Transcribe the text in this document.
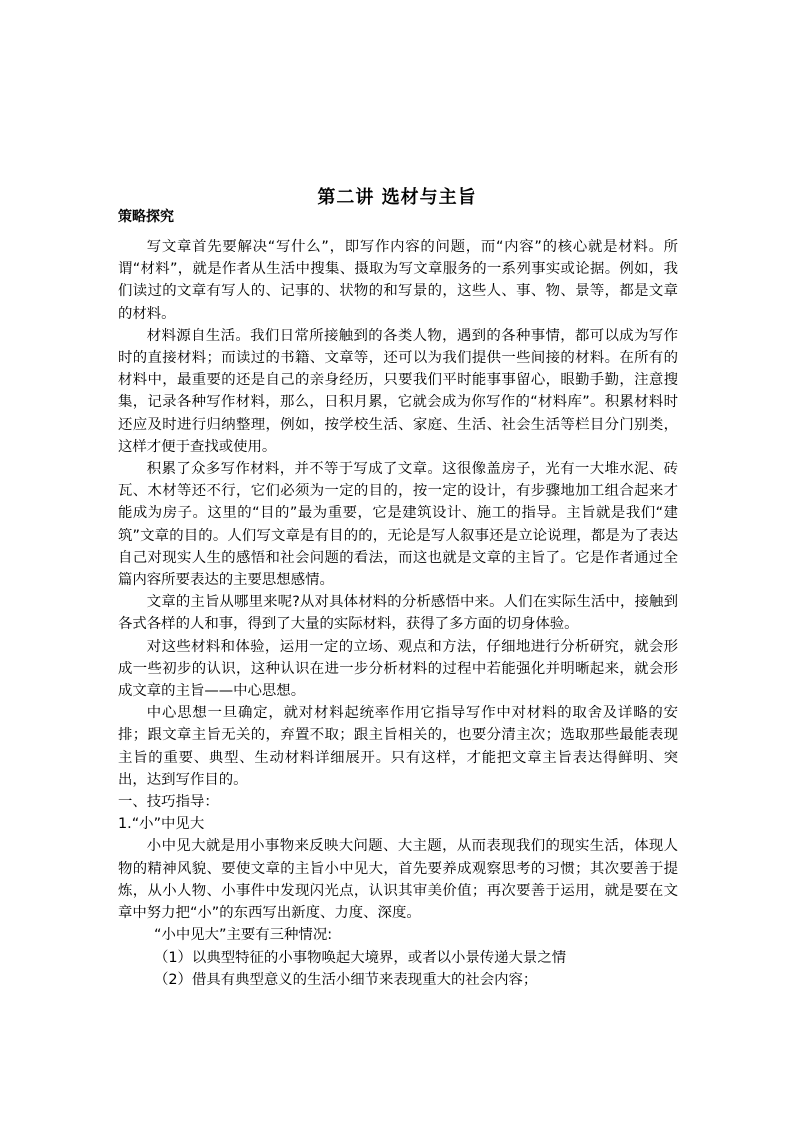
第二讲 选材与主旨
策略探究

写文章首先要解决“写什么”，即写作内容的问题，而“内容”的核心就是材料。所谓“材料”，就是作者从生活中搜集、摄取为写文章服务的一系列事实或论据。例如，我们读过的文章有写人的、记事的、状物的和写景的，这些人、事、物、景等，都是文章的材料。

材料源自生活。我们日常所接触到的各类人物，遇到的各种事情，都可以成为写作时的直接材料；而读过的书籍、文章等，还可以为我们提供一些间接的材料。在所有的材料中，最重要的还是自己的亲身经历，只要我们平时能事事留心，眼勤手勤，注意搜集，记录各种写作材料，那么，日积月累，它就会成为你写作的“材料库”。积累材料时还应及时进行归纳整理，例如，按学校生活、家庭、生活、社会生活等栏目分门别类，这样才便于查找或使用。

积累了众多写作材料，并不等于写成了文章。这很像盖房子，光有一大堆水泥、砖瓦、木材等还不行，它们必须为一定的目的，按一定的设计，有步骤地加工组合起来才能成为房子。这里的“目的”最为重要，它是建筑设计、施工的指导。主旨就是我们“建筑”文章的目的。人们写文章是有目的的，无论是写人叙事还是立论说理，都是为了表达自己对现实人生的感悟和社会问题的看法，而这也就是文章的主旨了。它是作者通过全篇内容所要表达的主要思想感情。

文章的主旨从哪里来呢?从对具体材料的分析感悟中来。人们在实际生活中，接触到各式各样的人和事，得到了大量的实际材料，获得了多方面的切身体验。

对这些材料和体验，运用一定的立场、观点和方法，仔细地进行分析研究，就会形成一些初步的认识，这种认识在进一步分析材料的过程中若能强化并明晰起来，就会形成文章的主旨——中心思想。

中心思想一旦确定，就对材料起统率作用它指导写作中对材料的取舍及详略的安排；跟文章主旨无关的，弃置不取；跟主旨相关的，也要分清主次；选取那些最能表现主旨的重要、典型、生动材料详细展开。只有这样，才能把文章主旨表达得鲜明、突出，达到写作目的。

一、技巧指导：

1.“小”中见大

小中见大就是用小事物来反映大问题、大主题，从而表现我们的现实生活，体现人物的精神风貌、要使文章的主旨小中见大，首先要养成观察思考的习惯；其次要善于提炼，从小人物、小事件中发现闪光点，认识其审美价值；再次要善于运用，就是要在文章中努力把“小”的东西写出新度、力度、深度。

“小中见大”主要有三种情况:

（1）以典型特征的小事物唤起大境界，或者以小景传递大景之情

（2）借具有典型意义的生活小细节来表现重大的社会内容；
